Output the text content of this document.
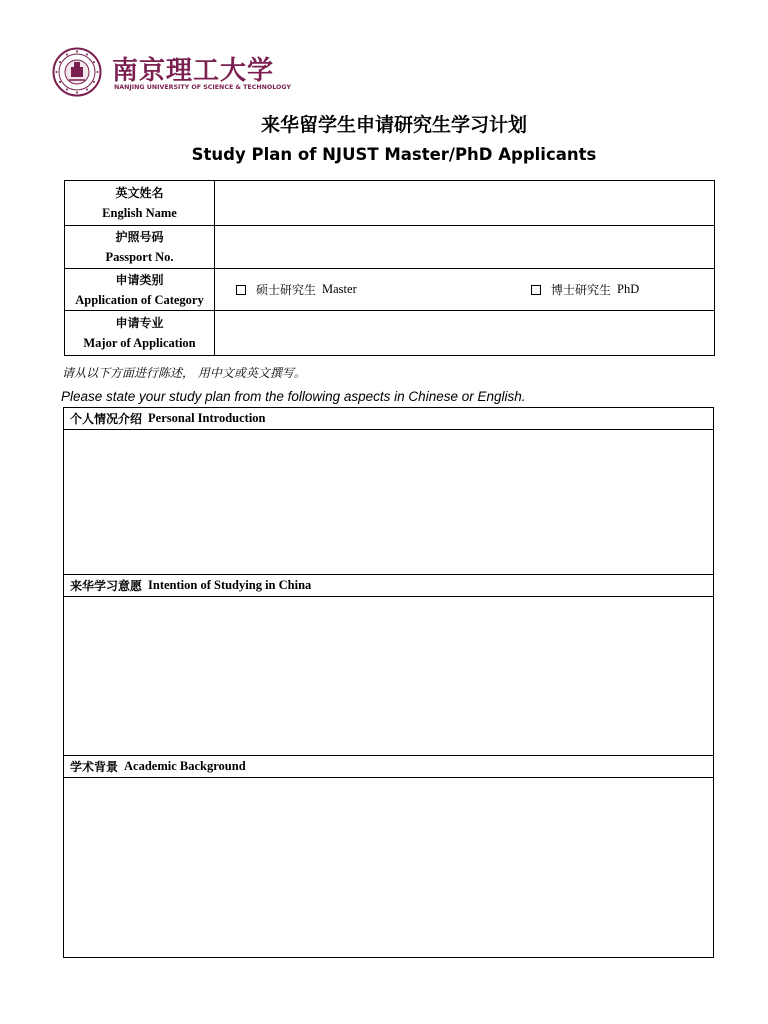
南京理工大学
NANJING UNIVERSITY OF SCIENCE & TECHNOLOGY
来华留学生申请研究生学习计划
Study Plan of NJUST Master/PhD Applicants
英文姓名
English Name
护照号码
Passport No.
申请类别
Application of Category
硕士研究生 Master	博士研究生 PhD
申请专业
Major of Application
请从以下方面进行陈述， 用中文或英文撰写。
Please state your study plan from the following aspects in Chinese or English.
个人情况介绍 Personal Introduction
来华学习意愿 Intention of Studying in China
学术背景 Academic Background
